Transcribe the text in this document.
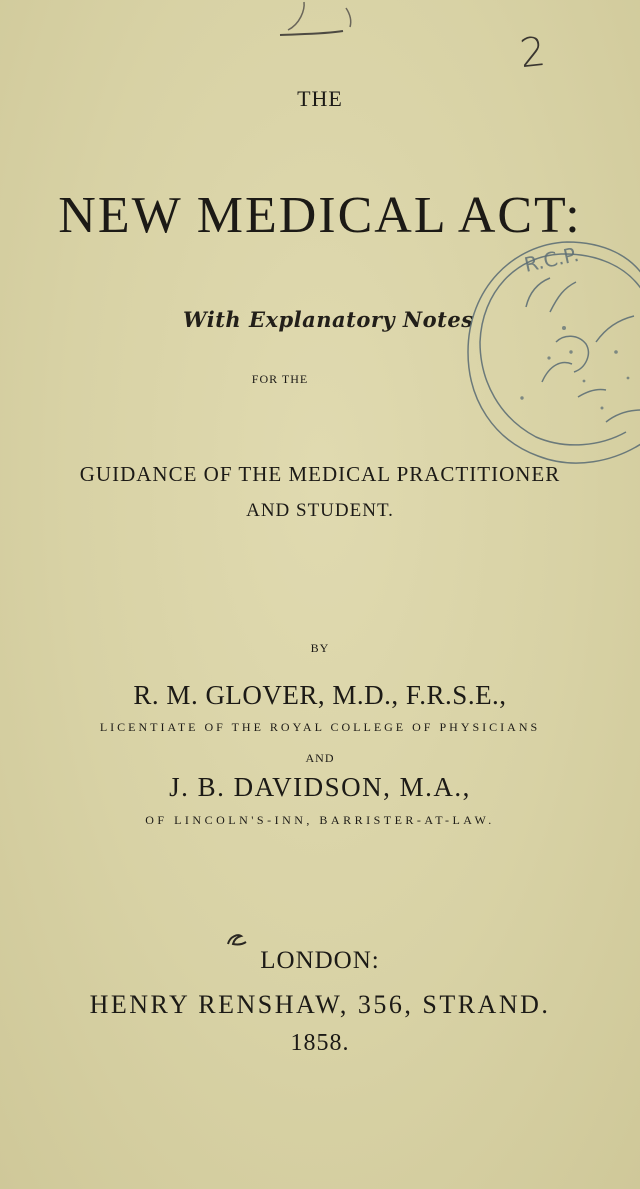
2
THE
NEW MEDICAL ACT:
With Explanatory Notes
R.C.P.
FOR THE
GUIDANCE OF THE MEDICAL PRACTITIONER
AND STUDENT.
BY
R. M. GLOVER, M.D., F.R.S.E.,
LICENTIATE OF THE ROYAL COLLEGE OF PHYSICIANS
AND
J. B. DAVIDSON, M.A.,
OF LINCOLN'S-INN, BARRISTER-AT-LAW.
LONDON:
HENRY RENSHAW, 356, STRAND.
1858.
